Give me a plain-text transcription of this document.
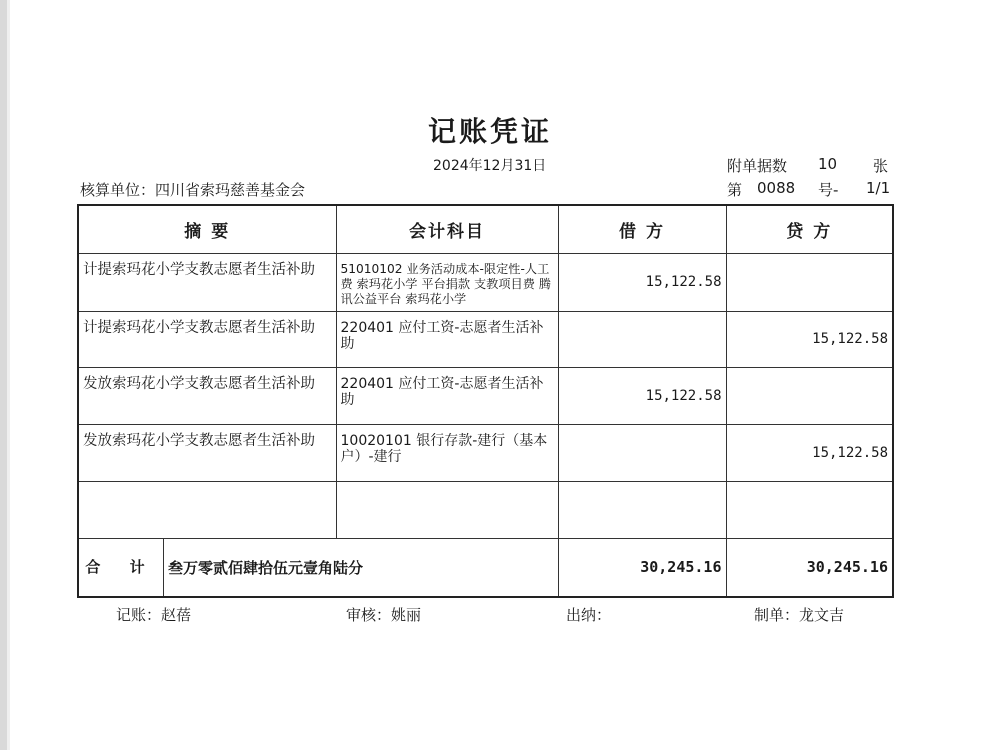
记账凭证
2024年12月31日	附单据数 10 张
核算单位：四川省索玛慈善基金会	第 0088 号- 1/1
摘 要	会计科目	借 方	贷 方
计提索玛花小学支教志愿者生活补助	51010102 业务活动成本-限定性-人工费 索玛花小学 平台捐款 支教项目费 腾讯公益平台 索玛花小学	15,122.58	
计提索玛花小学支教志愿者生活补助	220401 应付工资-志愿者生活补助		15,122.58
发放索玛花小学支教志愿者生活补助	220401 应付工资-志愿者生活补助	15,122.58	
发放索玛花小学支教志愿者生活补助	10020101 银行存款-建行（基本户）-建行		15,122.58

合 计 叁万零贰佰肆拾伍元壹角陆分		30,245.16	30,245.16
记账：赵蓓	审核：姚丽	出纳：	制单：龙文吉
